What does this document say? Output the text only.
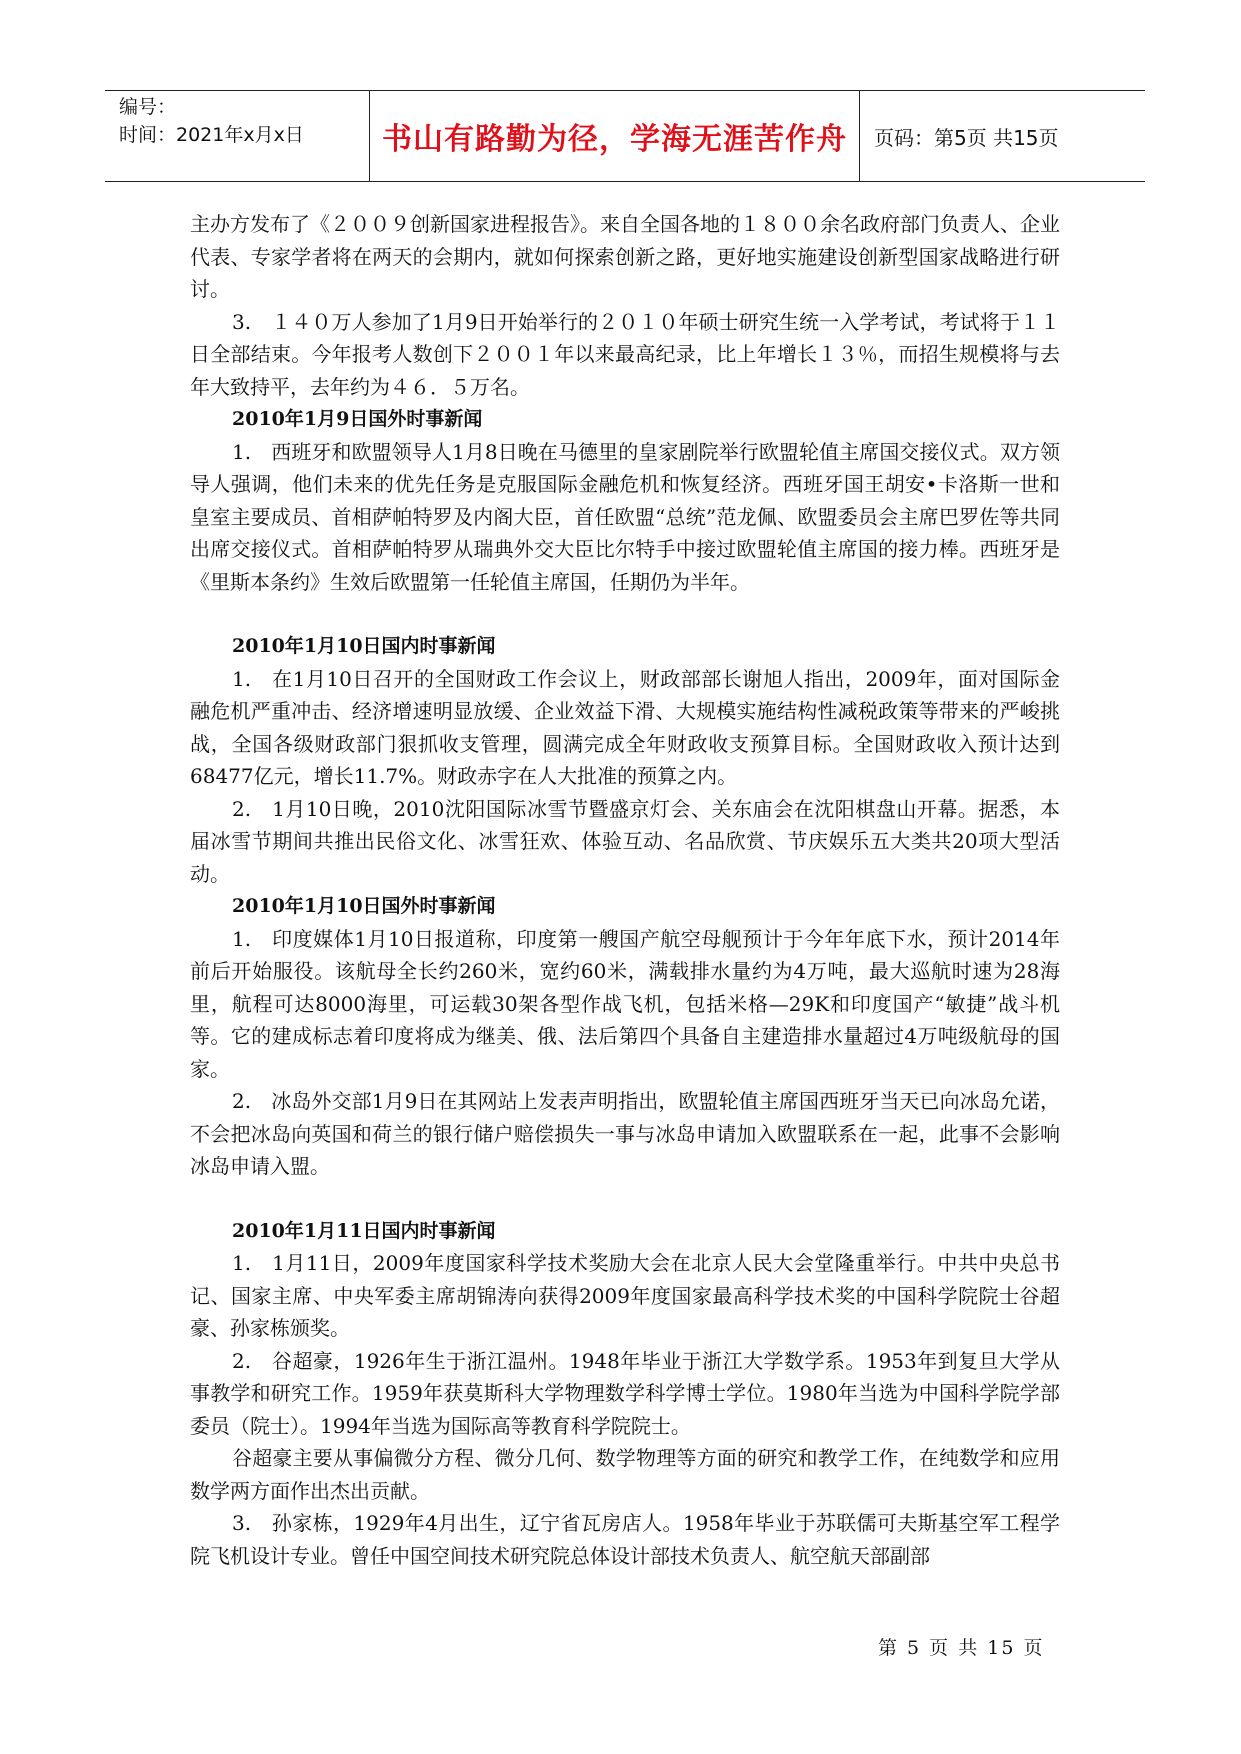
编号：
时间：2021年x月x日	书山有路勤为径，学海无涯苦作舟	页码：第5页 共15页

主办方发布了《２００９创新国家进程报告》。来自全国各地的１８００余名政府部门负责人、企业代表、专家学者将在两天的会期内，就如何探索创新之路，更好地实施建设创新型国家战略进行研讨。

3.　１４０万人参加了1月9日开始举行的２０１０年硕士研究生统一入学考试，考试将于１１日全部结束。今年报考人数创下２００１年以来最高纪录，比上年增长１３％，而招生规模将与去年大致持平，去年约为４６．５万名。

2010年1月9日国外时事新闻

1.　西班牙和欧盟领导人1月8日晚在马德里的皇家剧院举行欧盟轮值主席国交接仪式。双方领导人强调，他们未来的优先任务是克服国际金融危机和恢复经济。西班牙国王胡安•卡洛斯一世和皇室主要成员、首相萨帕特罗及内阁大臣，首任欧盟“总统”范龙佩、欧盟委员会主席巴罗佐等共同出席交接仪式。首相萨帕特罗从瑞典外交大臣比尔特手中接过欧盟轮值主席国的接力棒。西班牙是《里斯本条约》生效后欧盟第一任轮值主席国，任期仍为半年。

2010年1月10日国内时事新闻

1.　在1月10日召开的全国财政工作会议上，财政部部长谢旭人指出，2009年，面对国际金融危机严重冲击、经济增速明显放缓、企业效益下滑、大规模实施结构性减税政策等带来的严峻挑战，全国各级财政部门狠抓收支管理，圆满完成全年财政收支预算目标。全国财政收入预计达到68477亿元，增长11.7%。财政赤字在人大批准的预算之内。

2.　1月10日晚，2010沈阳国际冰雪节暨盛京灯会、关东庙会在沈阳棋盘山开幕。据悉，本届冰雪节期间共推出民俗文化、冰雪狂欢、体验互动、名品欣赏、节庆娱乐五大类共20项大型活动。

2010年1月10日国外时事新闻

1.　印度媒体1月10日报道称，印度第一艘国产航空母舰预计于今年年底下水，预计2014年前后开始服役。该航母全长约260米，宽约60米，满载排水量约为4万吨，最大巡航时速为28海里，航程可达8000海里，可运载30架各型作战飞机，包括米格—29K和印度国产“敏捷”战斗机等。它的建成标志着印度将成为继美、俄、法后第四个具备自主建造排水量超过4万吨级航母的国家。

2.　冰岛外交部1月9日在其网站上发表声明指出，欧盟轮值主席国西班牙当天已向冰岛允诺，不会把冰岛向英国和荷兰的银行储户赔偿损失一事与冰岛申请加入欧盟联系在一起，此事不会影响冰岛申请入盟。

2010年1月11日国内时事新闻

1.　1月11日，2009年度国家科学技术奖励大会在北京人民大会堂隆重举行。中共中央总书记、国家主席、中央军委主席胡锦涛向获得2009年度国家最高科学技术奖的中国科学院院士谷超豪、孙家栋颁奖。

2.　谷超豪，1926年生于浙江温州。1948年毕业于浙江大学数学系。1953年到复旦大学从事教学和研究工作。1959年获莫斯科大学物理数学科学博士学位。1980年当选为中国科学院学部委员（院士）。1994年当选为国际高等教育科学院院士。

谷超豪主要从事偏微分方程、微分几何、数学物理等方面的研究和教学工作，在纯数学和应用数学两方面作出杰出贡献。

3.　孙家栋，1929年4月出生，辽宁省瓦房店人。1958年毕业于苏联儒可夫斯基空军工程学院飞机设计专业。曾任中国空间技术研究院总体设计部技术负责人、航空航天部副部

第 5 页 共 15 页
